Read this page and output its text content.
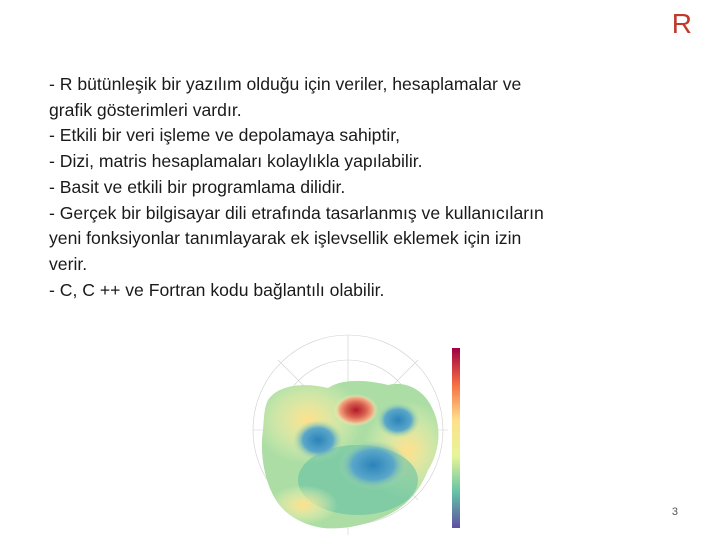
R
- R bütünleşik bir yazılım olduğu için veriler, hesaplamalar ve
grafik gösterimleri vardır.
- Etkili bir veri işleme ve depolamaya sahiptir,
- Dizi, matris hesaplamaları kolaylıkla yapılabilir.
- Basit ve etkili bir programlama dilidir.
- Gerçek bir bilgisayar dili etrafında tasarlanmış ve kullanıcıların
yeni fonksiyonlar tanımlayarak ek işlevsellik eklemek için izin
verir.
- C, C ++ ve Fortran kodu bağlantılı olabilir.
3
